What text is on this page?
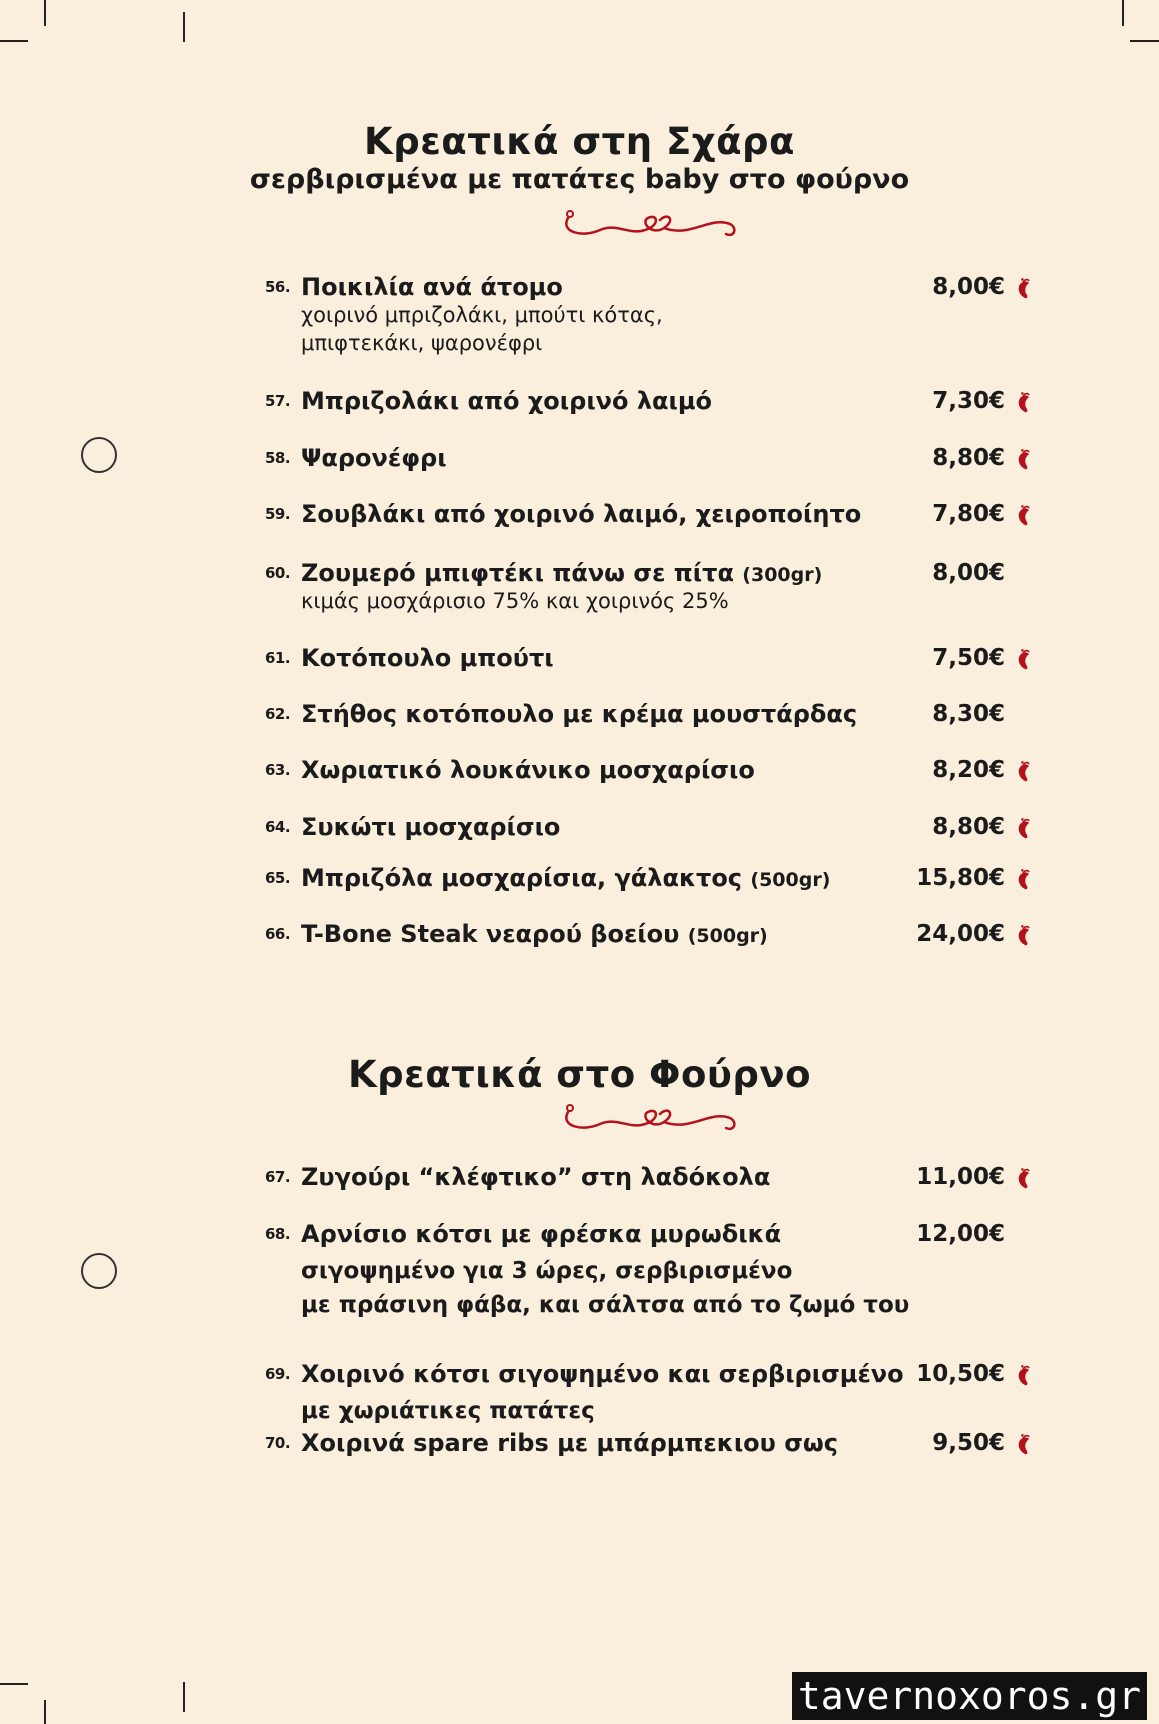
Κρεατικά στη Σχάρα
σερβιρισμένα με πατάτες baby στο φούρνο
56. Ποικιλία ανά άτομο
χοιρινό μπριζολάκι, μπούτι κότας,
μπιφτεκάκι, ψαρονέφρι
8,00€
57. Μπριζολάκι από χοιρινό λαιμό	7,30€
58. Ψαρονέφρι	8,80€
59. Σουβλάκι από χοιρινό λαιμό, χειροποίητο	7,80€
60. Ζουμερό μπιφτέκι πάνω σε πίτα (300gr)
κιμάς μοσχάρισιο 75% και χοιρινός 25%
8,00€
61. Κοτόπουλο μπούτι	7,50€
62. Στήθος κοτόπουλο με κρέμα μουστάρδας	8,30€
63. Χωριατικό λουκάνικο μοσχαρίσιο	8,20€
64. Συκώτι μοσχαρίσιο	8,80€
65. Μπριζόλα μοσχαρίσια, γάλακτος (500gr)	15,80€
66. T-Bone Steak νεαρού βοείου (500gr)	24,00€
Κρεατικά στο Φούρνο
67. Ζυγούρι “κλέφτικο” στη λαδόκολα	11,00€
68. Αρνίσιο κότσι με φρέσκα μυρωδικά
σιγοψημένο για 3 ώρες, σερβιρισμένο
με πράσινη φάβα, και σάλτσα από το ζωμό του
12,00€
69. Χοιρινό κότσι σιγοψημένο και σερβιρισμένο
με χωριάτικες πατάτες
10,50€
70. Χοιρινά spare ribs με μπάρμπεκιου σως	9,50€
tavernoxoros.gr
